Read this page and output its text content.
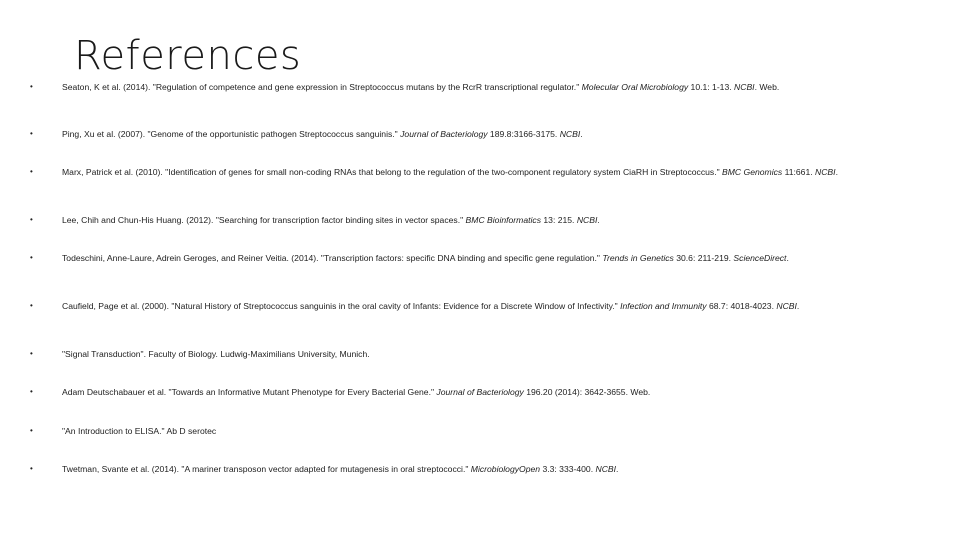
References
•	Seaton, K et al. (2014). "Regulation of competence and gene expression in Streptococcus mutans by the RcrR transcriptional regulator." Molecular Oral Microbiology 10.1: 1-13. NCBI. Web.
•	Ping, Xu et al. (2007). "Genome of the opportunistic pathogen Streptococcus sanguinis." Journal of Bacteriology 189.8:3166-3175. NCBI.
•	Marx, Patrick et al. (2010). "Identification of genes for small non-coding RNAs that belong to the regulation of the two-component regulatory system CiaRH in Streptococcus." BMC Genomics 11:661. NCBI.
•	Lee, Chih and Chun-His Huang. (2012). "Searching for transcription factor binding sites in vector spaces." BMC Bioinformatics 13: 215. NCBI.
•	Todeschini, Anne-Laure, Adrein Geroges, and Reiner Veitia. (2014). "Transcription factors: specific DNA binding and specific gene regulation." Trends in Genetics 30.6: 211-219. ScienceDirect.
•	Caufield, Page et al. (2000). "Natural History of Streptococcus sanguinis in the oral cavity of Infants: Evidence for a Discrete Window of Infectivity." Infection and Immunity 68.7: 4018-4023. NCBI.
•	"Signal Transduction". Faculty of Biology. Ludwig-Maximilians University, Munich.
•	Adam Deutschabauer et al. "Towards an Informative Mutant Phenotype for Every Bacterial Gene." Journal of Bacteriology 196.20 (2014): 3642-3655. Web.
•	"An Introduction to ELISA." Ab D serotec
•	Twetman, Svante et al. (2014). "A mariner transposon vector adapted for mutagenesis in oral streptococci." MicrobiologyOpen 3.3: 333-400. NCBI.
